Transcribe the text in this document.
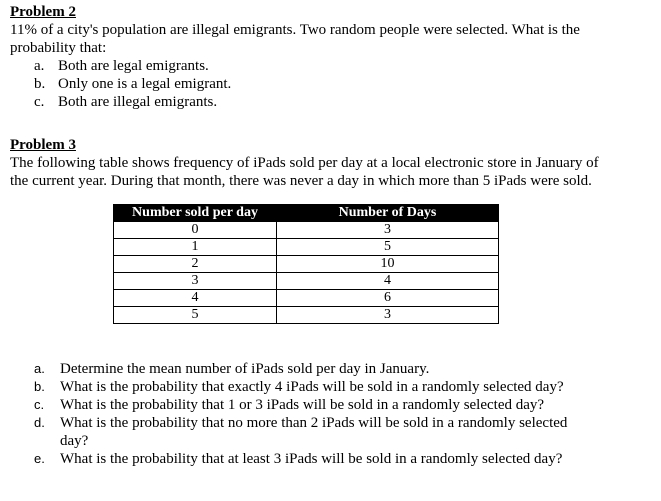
Problem 2

11% of a city's population are illegal emigrants. Two random people were selected. What is the

probability that:

a. Both are legal emigrants.
b. Only one is a legal emigrant.
c. Both are illegal emigrants.

Problem 3

The following table shows frequency of iPads sold per day at a local electronic store in January of

the current year. During that month, there was never a day in which more than 5 iPads were sold.

Number sold per day	Number of Days
0	3
1	5
2	10
3	4
4	6
5	3
a. Determine the mean number of iPads sold per day in January.
b. What is the probability that exactly 4 iPads will be sold in a randomly selected day?
c. What is the probability that 1 or 3 iPads will be sold in a randomly selected day?
d. What is the probability that no more than 2 iPads will be sold in a randomly selected
day?
e. What is the probability that at least 3 iPads will be sold in a randomly selected day?
